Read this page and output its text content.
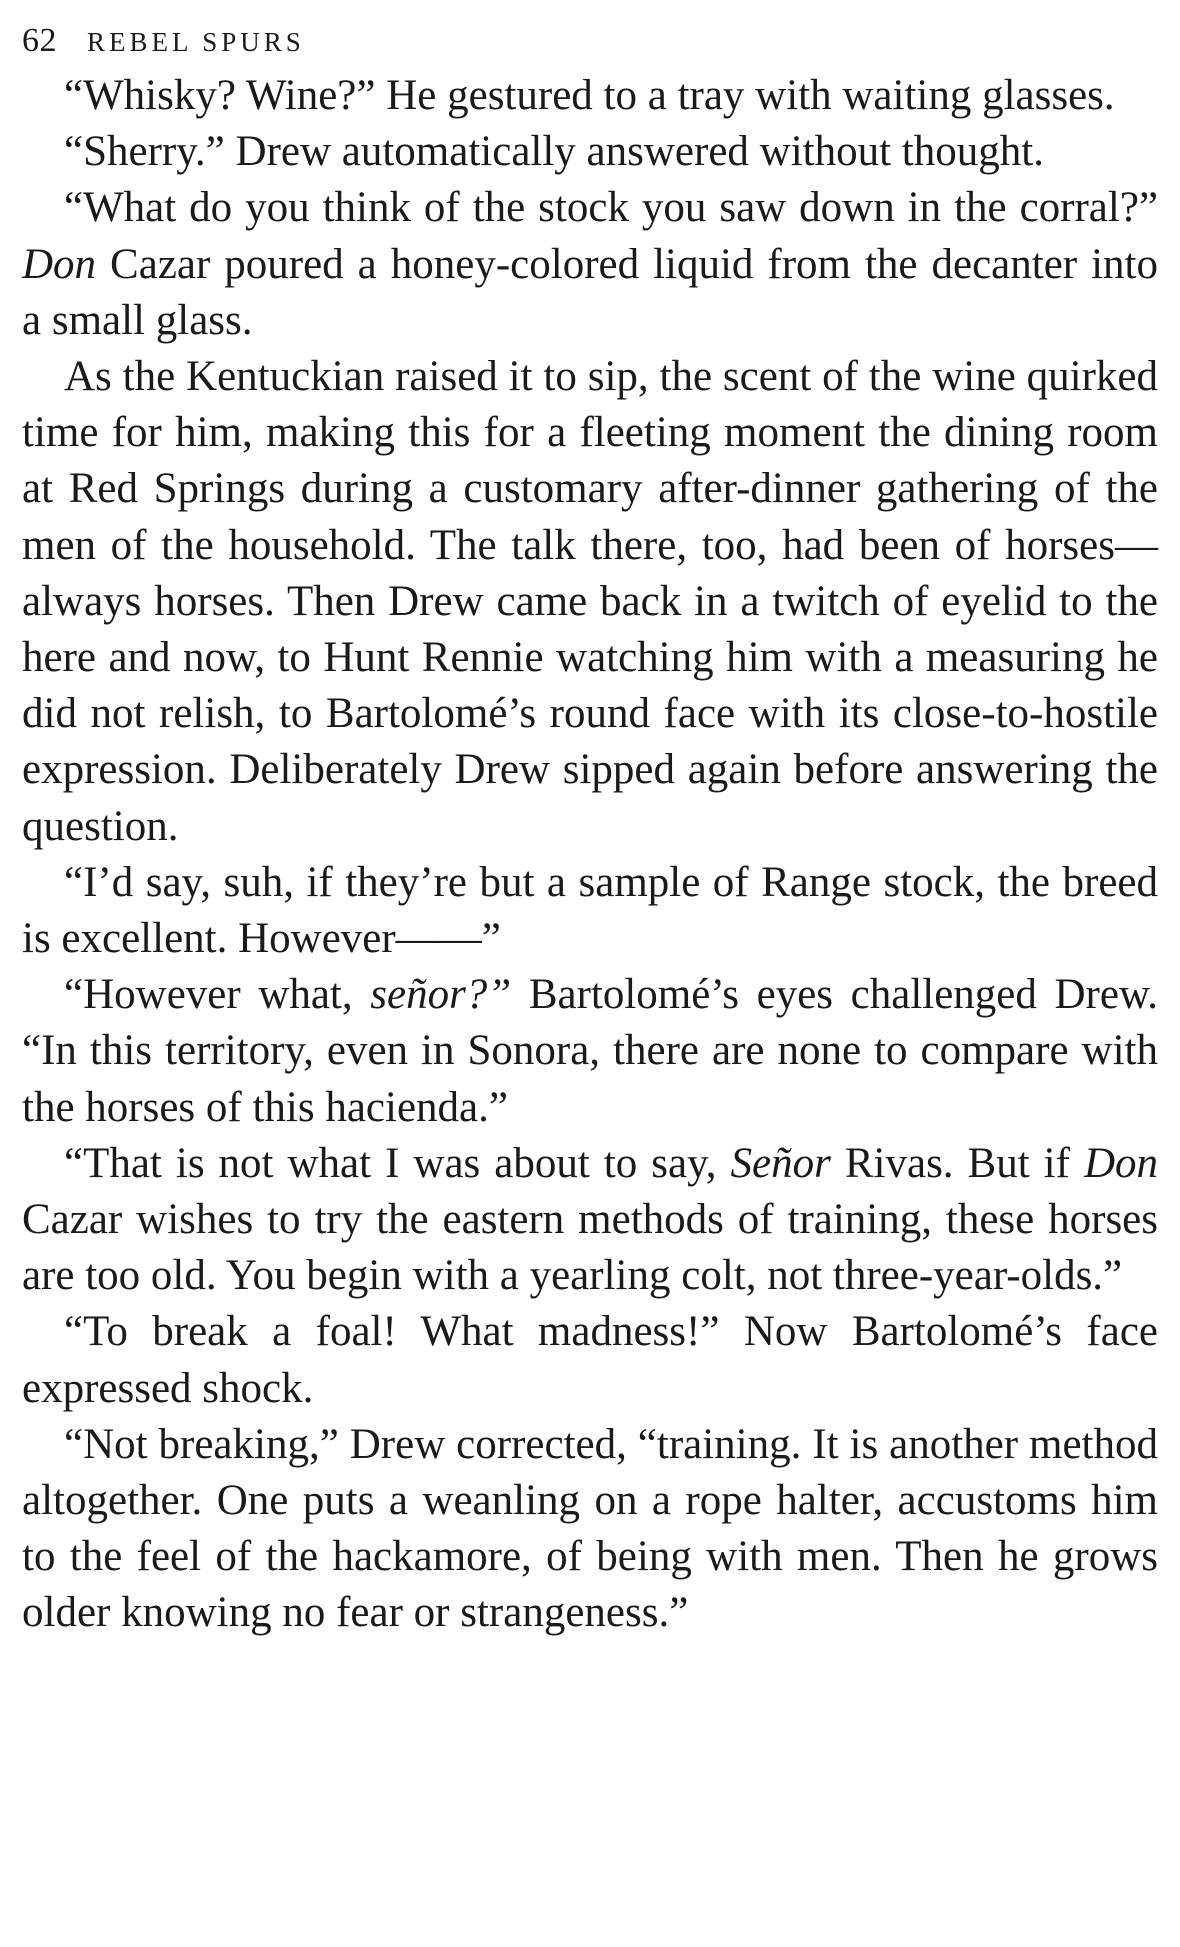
62 REBEL SPURS

“Whisky? Wine?” He gestured to a tray with waiting glasses.

“Sherry.” Drew automatically answered without thought.

“What do you think of the stock you saw down in the corral?” Don Cazar poured a honey-colored liquid from the decanter into a small glass.

As the Kentuckian raised it to sip, the scent of the wine quirked time for him, making this for a fleeting moment the dining room at Red Springs during a customary after-dinner gathering of the men of the household. The talk there, too, had been of horses—always horses. Then Drew came back in a twitch of eyelid to the here and now, to Hunt Rennie watching him with a measuring he did not relish, to Bartolomé’s round face with its close-to-hostile expression. Deliberately Drew sipped again before answering the question.

“I’d say, suh, if they’re but a sample of Range stock, the breed is excellent. However——”

“However what, señor?” Bartolomé’s eyes challenged Drew. “In this territory, even in Sonora, there are none to compare with the horses of this hacienda.”

“That is not what I was about to say, Señor Rivas. But if Don Cazar wishes to try the eastern methods of training, these horses are too old. You begin with a yearling colt, not three-year-olds.”

“To break a foal! What madness!” Now Bartolomé’s face expressed shock.

“Not breaking,” Drew corrected, “training. It is another method altogether. One puts a weanling on a rope halter, accustoms him to the feel of the hackamore, of being with men. Then he grows older knowing no fear or strangeness.”
